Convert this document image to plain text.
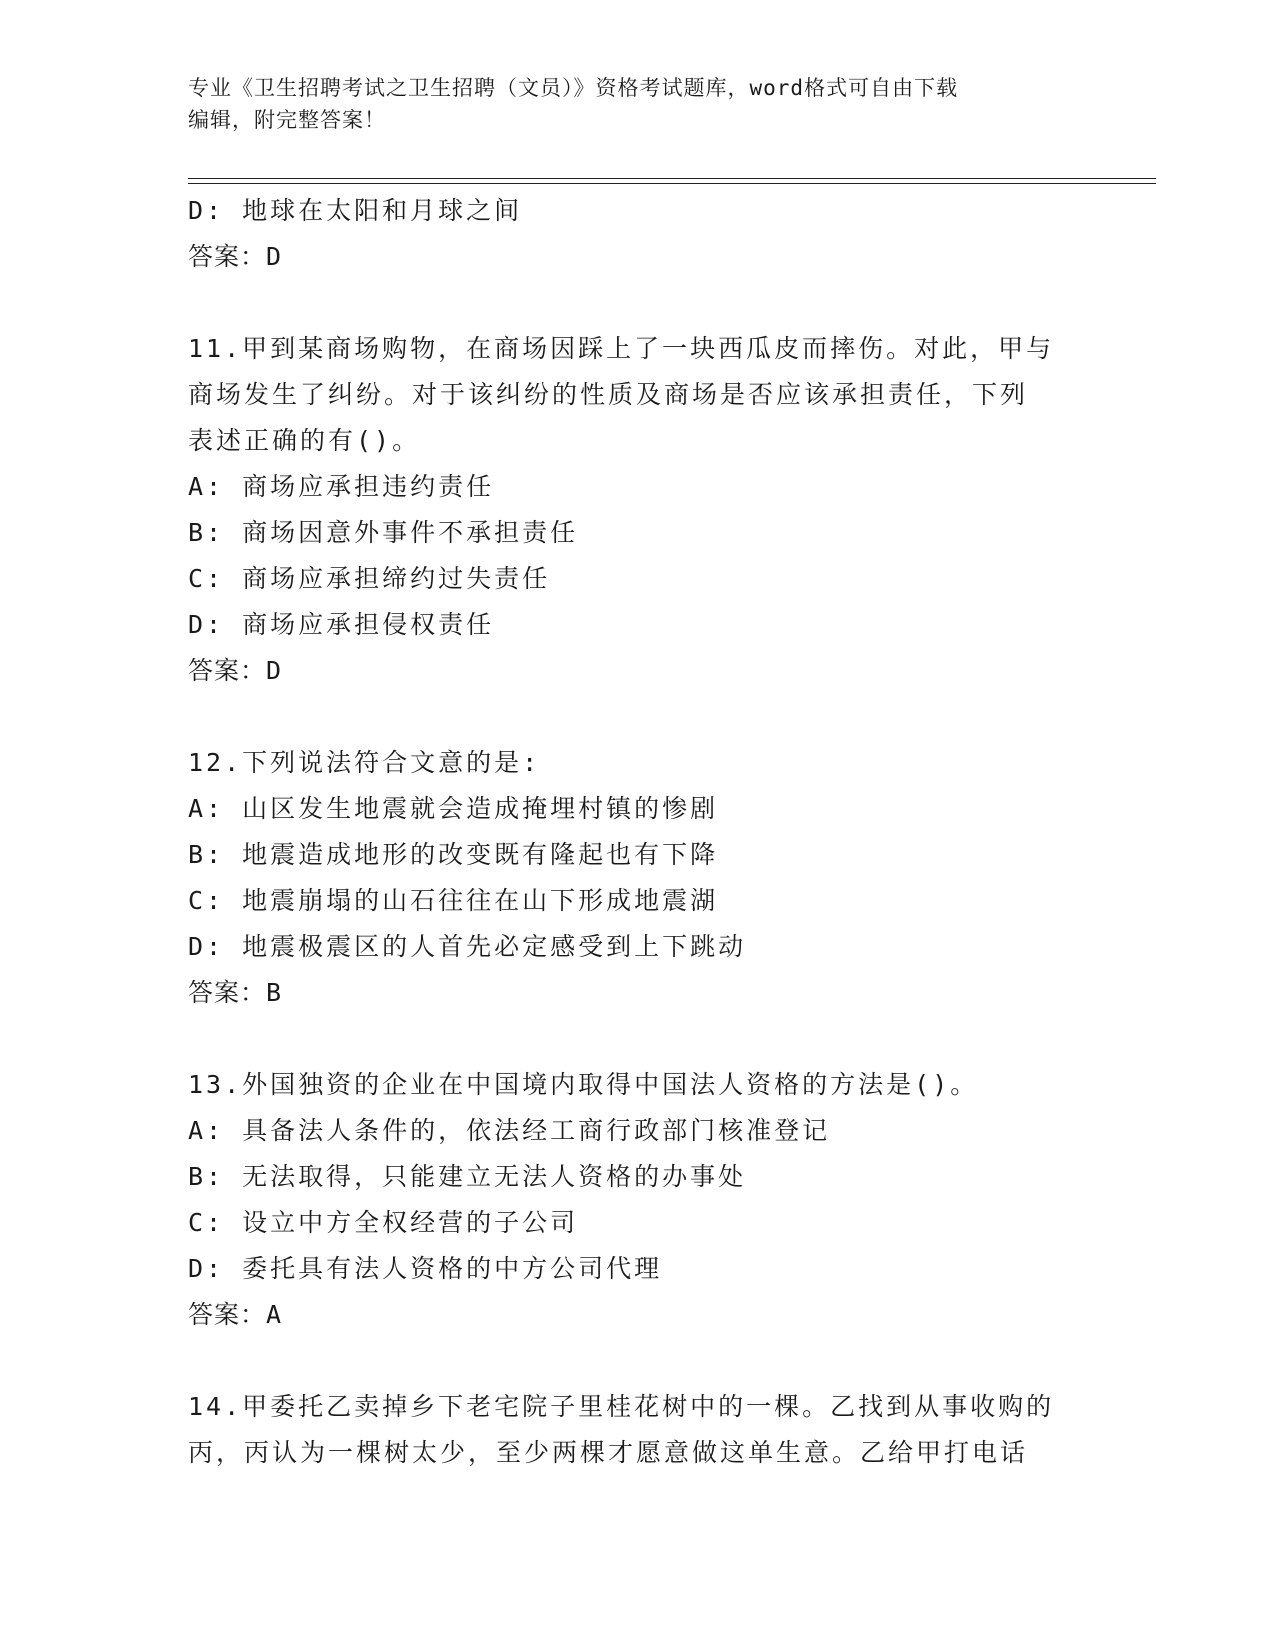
专业《卫生招聘考试之卫生招聘（文员）》资格考试题库，word格式可自由下载
编辑，附完整答案！
D: 地球在太阳和月球之间
答案：D
11.甲到某商场购物，在商场因踩上了一块西瓜皮而摔伤。对此，甲与
商场发生了纠纷。对于该纠纷的性质及商场是否应该承担责任，下列
表述正确的有()。
A: 商场应承担违约责任
B: 商场因意外事件不承担责任
C: 商场应承担缔约过失责任
D: 商场应承担侵权责任
答案：D
12.下列说法符合文意的是:
A: 山区发生地震就会造成掩埋村镇的惨剧
B: 地震造成地形的改变既有隆起也有下降
C: 地震崩塌的山石往往在山下形成地震湖
D: 地震极震区的人首先必定感受到上下跳动
答案：B
13.外国独资的企业在中国境内取得中国法人资格的方法是()。
A: 具备法人条件的，依法经工商行政部门核准登记
B: 无法取得，只能建立无法人资格的办事处
C: 设立中方全权经营的子公司
D: 委托具有法人资格的中方公司代理
答案：A
14.甲委托乙卖掉乡下老宅院子里桂花树中的一棵。乙找到从事收购的
丙，丙认为一棵树太少，至少两棵才愿意做这单生意。乙给甲打电话
